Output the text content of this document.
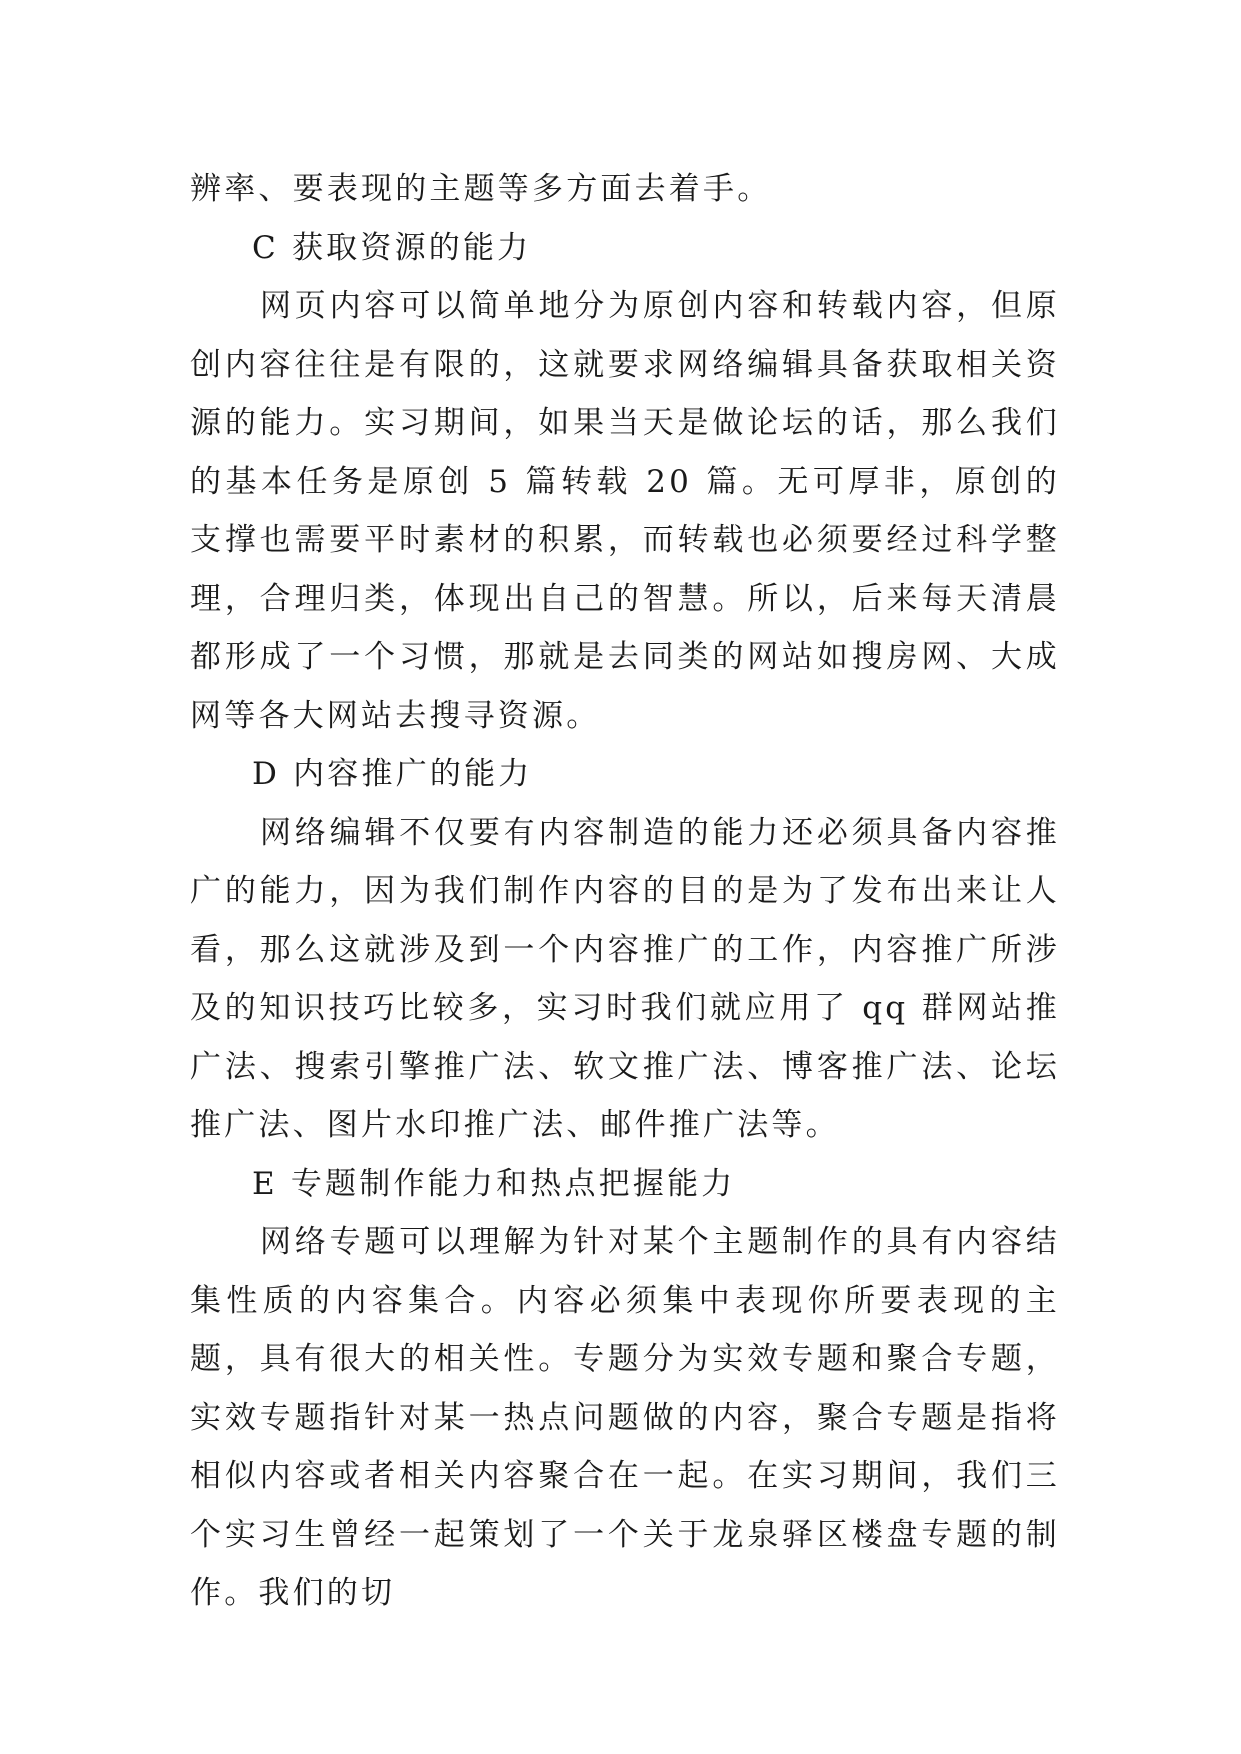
辨率、要表现的主题等多方面去着手。

C 获取资源的能力

网页内容可以简单地分为原创内容和转载内容，但原创内容往往是有限的，这就要求网络编辑具备获取相关资源的能力。实习期间，如果当天是做论坛的话，那么我们的基本任务是原创 5 篇转载 20 篇。无可厚非，原创的支撑也需要平时素材的积累，而转载也必须要经过科学整理，合理归类，体现出自己的智慧。所以，后来每天清晨都形成了一个习惯，那就是去同类的网站如搜房网、大成网等各大网站去搜寻资源。

D 内容推广的能力

网络编辑不仅要有内容制造的能力还必须具备内容推广的能力，因为我们制作内容的目的是为了发布出来让人看，那么这就涉及到一个内容推广的工作，内容推广所涉及的知识技巧比较多，实习时我们就应用了 qq 群网站推广法、搜索引擎推广法、软文推广法、博客推广法、论坛推广法、图片水印推广法、邮件推广法等。

E 专题制作能力和热点把握能力

网络专题可以理解为针对某个主题制作的具有内容结集性质的内容集合。内容必须集中表现你所要表现的主题，具有很大的相关性。专题分为实效专题和聚合专题，实效专题指针对某一热点问题做的内容，聚合专题是指将相似内容或者相关内容聚合在一起。在实习期间，我们三个实习生曾经一起策划了一个关于龙泉驿区楼盘专题的制作。我们的切
